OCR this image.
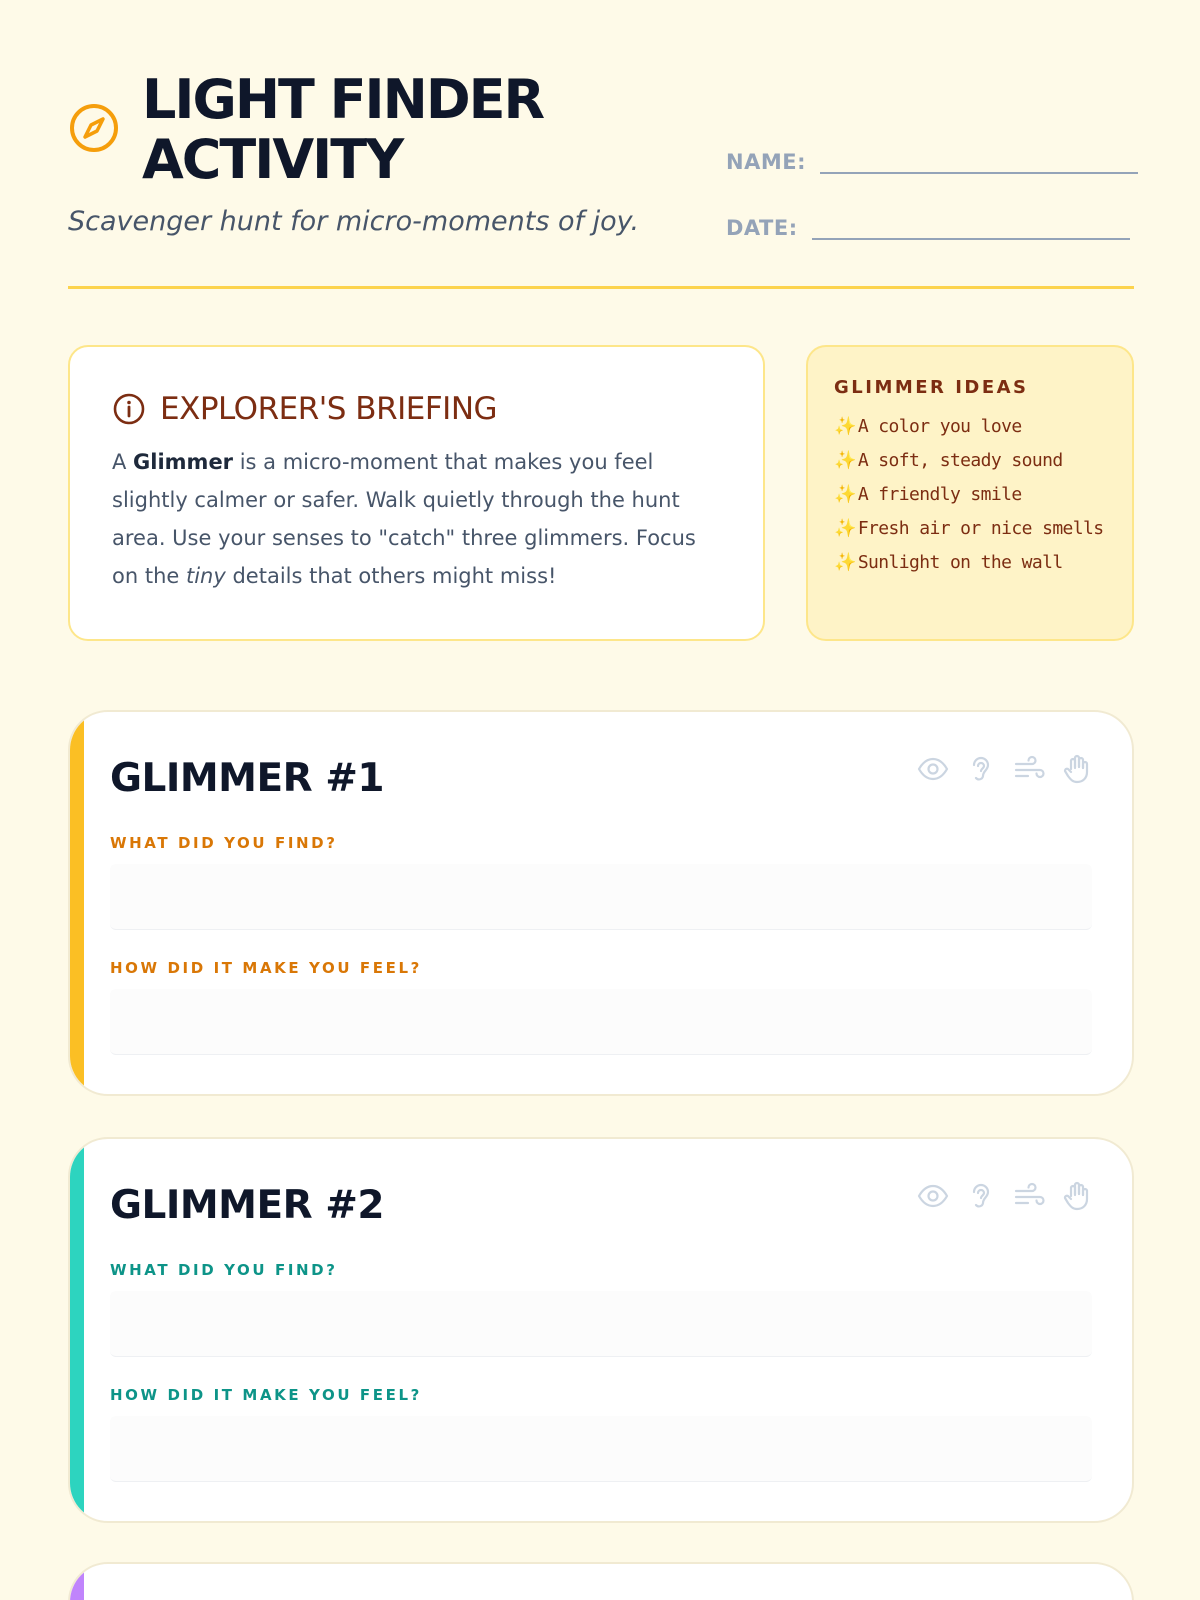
LIGHT FINDER
ACTIVITY
Scavenger hunt for micro-moments of joy.
NAME:
DATE:
EXPLORER'S BRIEFING

A Glimmer is a micro-moment that makes you feel slightly calmer or safer. Walk quietly through the hunt area. Use your senses to "catch" three glimmers. Focus on the tiny details that others might miss!

GLIMMER IDEAS
✨ A color you love
✨ A soft, steady sound
✨ A friendly smile
✨ Fresh air or nice smells
✨ Sunlight on the wall
GLIMMER #1
WHAT DID YOU FIND?
HOW DID IT MAKE YOU FEEL?
GLIMMER #2
WHAT DID YOU FIND?
HOW DID IT MAKE YOU FEEL?
